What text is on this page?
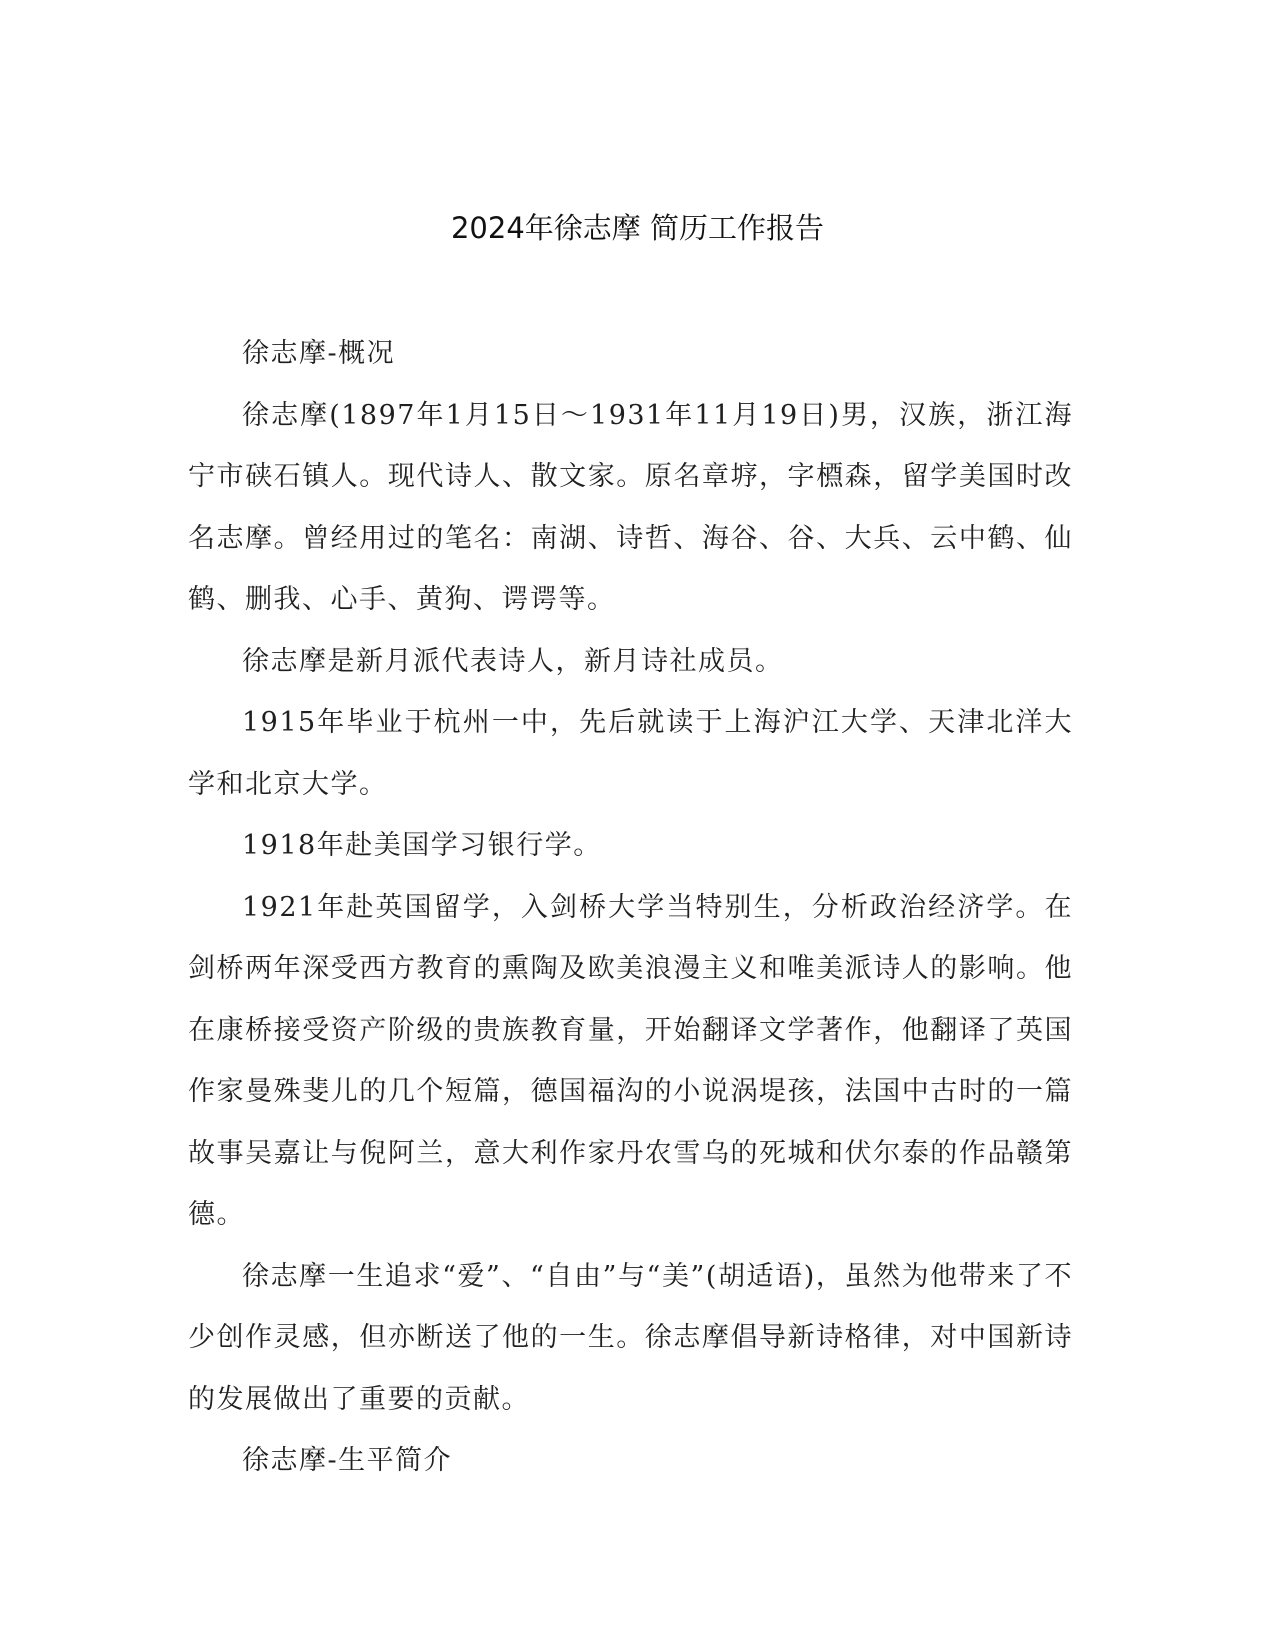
2024年徐志摩 简历工作报告

徐志摩-概况

徐志摩(1897年1月15日～1931年11月19日)男，汉族，浙江海宁市硖石镇人。现代诗人、散文家。原名章垿，字槱森，留学美国时改名志摩。曾经用过的笔名：南湖、诗哲、海谷、谷、大兵、云中鹤、仙鹤、删我、心手、黄狗、谔谔等。

徐志摩是新月派代表诗人，新月诗社成员。

1915年毕业于杭州一中，先后就读于上海沪江大学、天津北洋大学和北京大学。

1918年赴美国学习银行学。

1921年赴英国留学，入剑桥大学当特别生，分析政治经济学。在剑桥两年深受西方教育的熏陶及欧美浪漫主义和唯美派诗人的影响。他在康桥接受资产阶级的贵族教育量，开始翻译文学著作，他翻译了英国作家曼殊斐儿的几个短篇，德国福沟的小说涡堤孩，法国中古时的一篇故事吴嘉让与倪阿兰，意大利作家丹农雪乌的死城和伏尔泰的作品赣第德。

徐志摩一生追求“爱”、“自由”与“美”(胡适语)，虽然为他带来了不少创作灵感，但亦断送了他的一生。徐志摩倡导新诗格律，对中国新诗的发展做出了重要的贡献。

徐志摩-生平简介
